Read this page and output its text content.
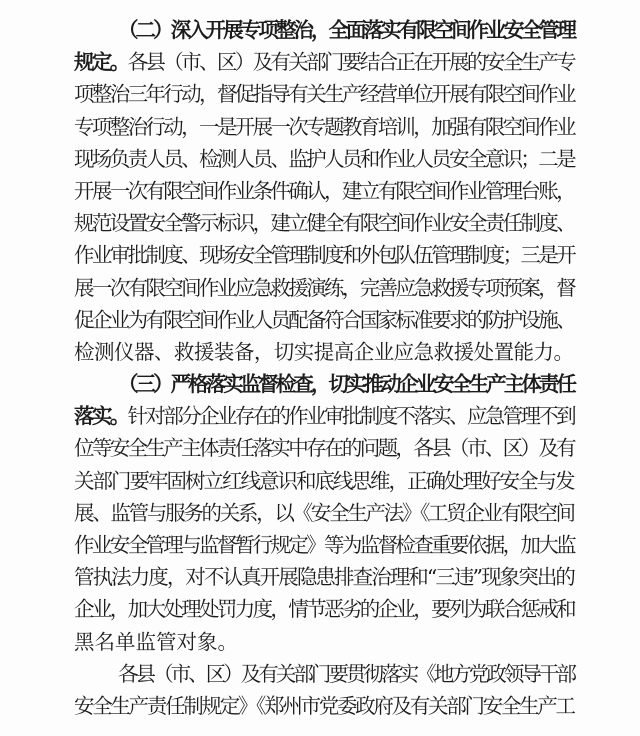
（二）深入开展专项整治，全面落实有限空间作业安全管理
规定。各县（市、区）及有关部门要结合正在开展的安全生产专
项整治三年行动，督促指导有关生产经营单位开展有限空间作业
专项整治行动，一是开展一次专题教育培训，加强有限空间作业
现场负责人员、检测人员、监护人员和作业人员安全意识；二是
开展一次有限空间作业条件确认，建立有限空间作业管理台账，
规范设置安全警示标识，建立健全有限空间作业安全责任制度、
作业审批制度、现场安全管理制度和外包队伍管理制度；三是开
展一次有限空间作业应急救援演练，完善应急救援专项预案，督
促企业为有限空间作业人员配备符合国家标准要求的防护设施、
检测仪器、救援装备，切实提高企业应急救援处置能力。
（三）严格落实监督检查，切实推动企业安全生产主体责任
落实。针对部分企业存在的作业审批制度不落实、应急管理不到
位等安全生产主体责任落实中存在的问题，各县（市、区）及有
关部门要牢固树立红线意识和底线思维，正确处理好安全与发
展、监管与服务的关系，以《安全生产法》《工贸企业有限空间
作业安全管理与监督暂行规定》等为监督检查重要依据，加大监
管执法力度，对不认真开展隐患排查治理和“三违”现象突出的
企业，加大处理处罚力度，情节恶劣的企业，要列为联合惩戒和
黑名单监管对象。
各县（市、区）及有关部门要贯彻落实《地方党政领导干部
安全生产责任制规定》《郑州市党委政府及有关部门安全生产工
